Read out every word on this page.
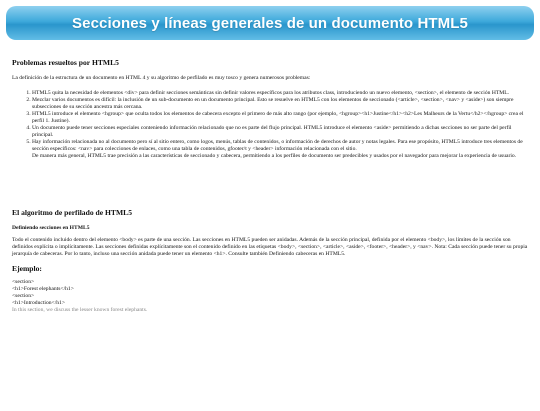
Secciones y líneas generales de un documento HTML5
Problemas resueltos por HTML5

La definición de la estructura de un documento en HTML 4 y su algoritmo de perfilado es muy tosco y genera numerosos problemas:

1. HTML5 quita la necesidad de elementos <div> para definir secciones semánticas sin definir valores específicos para los atributos class, introduciendo un nuevo elemento, <section>, el elemento de sección HTML.
2. Mezclar varios documentos es difícil: la inclusión de un sub-documento en un documento principal. Esto se resuelve en HTML5 con los elementos de seccionado (<article>, <section>, <nav> y <aside>) son siempre subsecciones de su sección ancestra más cercana.
3. HTML5 introduce el elemento <hgroup> que oculta todos los elementos de cabecera excepto el primero de más alto rango (por ejemplo, <hgroup><h1>Justine</h1><h2>Les Malheurs de la Vertu</h2></hgroup> crea el perfil 1. Justine).
4. Un documento puede tener secciones especiales conteniendo información relacionado que no es parte del flujo principal. HTML5 introduce el elemento <aside> permitiendo a dichas secciones no ser parte del perfil principal.
5. Hay información relacionada no al documento pero sí al sitio entero, como logos, menús, tablas de contenidos, o información de derechos de autor y notas legales. Para ese propósito, HTML5 introduce tres elementos de sección específicos: <nav> para colecciones de enlaces, como una tabla de contenidos, gfooter/t y <header> información relacionada con el sitio.
De manera más general, HTML5 trae precisión a las características de seccionado y cabecera, permitiendo a los perfiles de documento ser predecibles y usados por el navegador para mejorar la experiencia de usuario.
El algoritmo de perfilado de HTML5
Definiendo secciones en HTML5

Todo el contenido incluido dentro del elemento <body> es parte de una sección. Las secciones en HTML5 pueden ser anidadas. Además de la sección principal, definida por el elemento <body>, los límites de la sección son definidos explícita o implícitamente. Las secciones definidas explícitamente son el contenido definido en las etiquetas <body>, <section>, <article>, <aside>, <footer>, <header>, y <nav>. Nota: Cada sección puede tener su propia jerarquía de cabeceras. Por lo tanto, incluso una sección anidada puede tener un elemento <h1>. Consulte también Definiendo cabeceras en HTML5.

Ejemplo:
<section>
<h1>Forest elephants</h1>
<section>
<h1>Introduction</h1>
In this section, we discuss the lesser known forest elephants.
